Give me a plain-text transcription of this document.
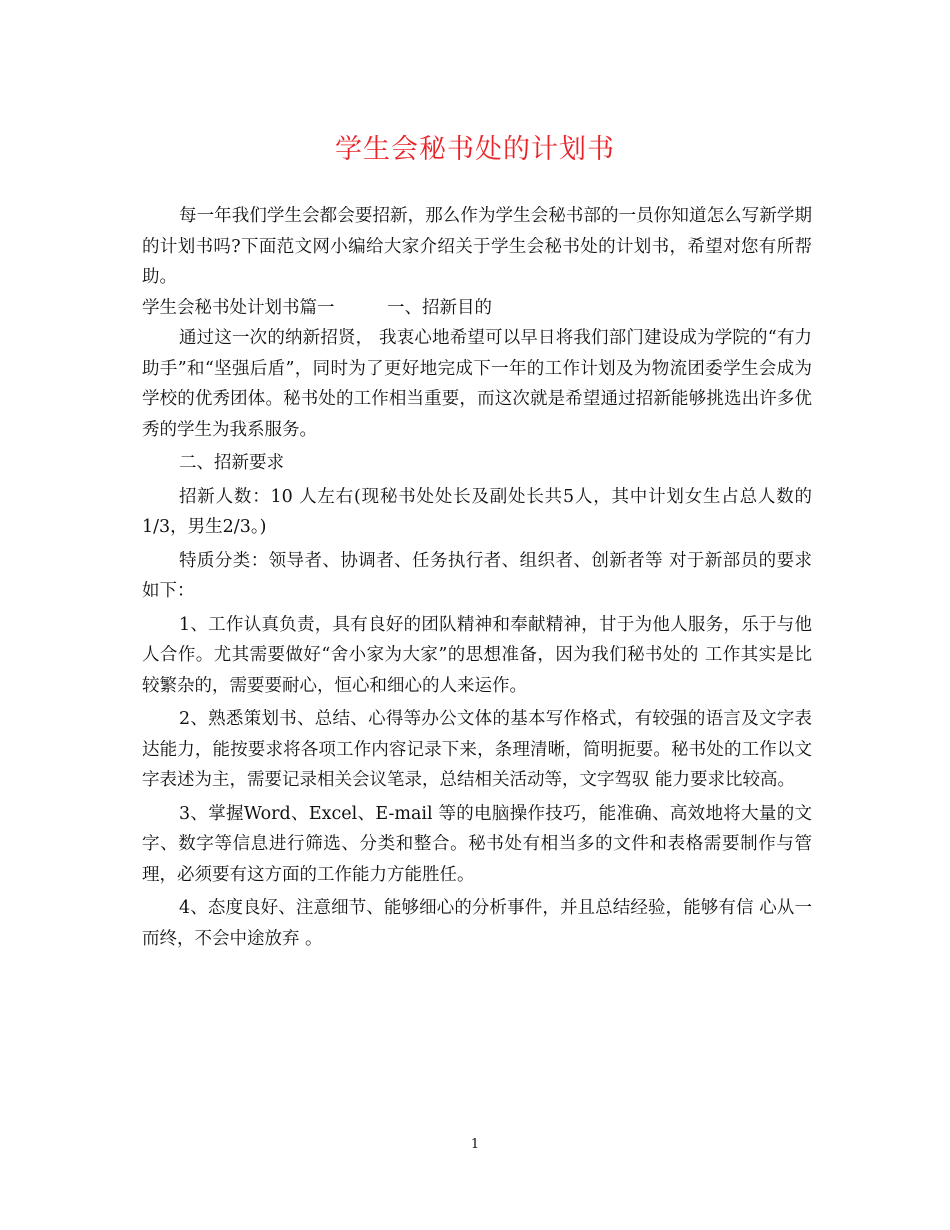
学生会秘书处的计划书

每一年我们学生会都会要招新，那么作为学生会秘书部的一员你知道怎么写新学期的计划书吗?下面范文网小编给大家介绍关于学生会秘书处的计划书，希望对您有所帮助。

学生会秘书处计划书篇一　　　一、招新目的

通过这一次的纳新招贤， 我衷心地希望可以早日将我们部门建设成为学院的“有力助手”和“坚强后盾”，同时为了更好地完成下一年的工作计划及为物流团委学生会成为学校的优秀团体。秘书处的工作相当重要，而这次就是希望通过招新能够挑选出许多优秀的学生为我系服务。

二、招新要求

招新人数：10 人左右(现秘书处处长及副处长共5人，其中计划女生占总人数的1/3，男生2/3。)

特质分类：领导者、协调者、任务执行者、组织者、创新者等 对于新部员的要求如下：

1、工作认真负责，具有良好的团队精神和奉献精神，甘于为他人服务，乐于与他人合作。尤其需要做好“舍小家为大家”的思想准备，因为我们秘书处的 工作其实是比较繁杂的，需要要耐心，恒心和细心的人来运作。

2、熟悉策划书、总结、心得等办公文体的基本写作格式，有较强的语言及文字表达能力，能按要求将各项工作内容记录下来，条理清晰，简明扼要。秘书处的工作以文字表述为主，需要记录相关会议笔录，总结相关活动等，文字驾驭 能力要求比较高。

3、掌握Word、Excel、E-mail 等的电脑操作技巧，能准确、高效地将大量的文字、数字等信息进行筛选、分类和整合。秘书处有相当多的文件和表格需要制作与管理，必须要有这方面的工作能力方能胜任。

4、态度良好、注意细节、能够细心的分析事件，并且总结经验，能够有信 心从一而终，不会中途放弃 。

1
